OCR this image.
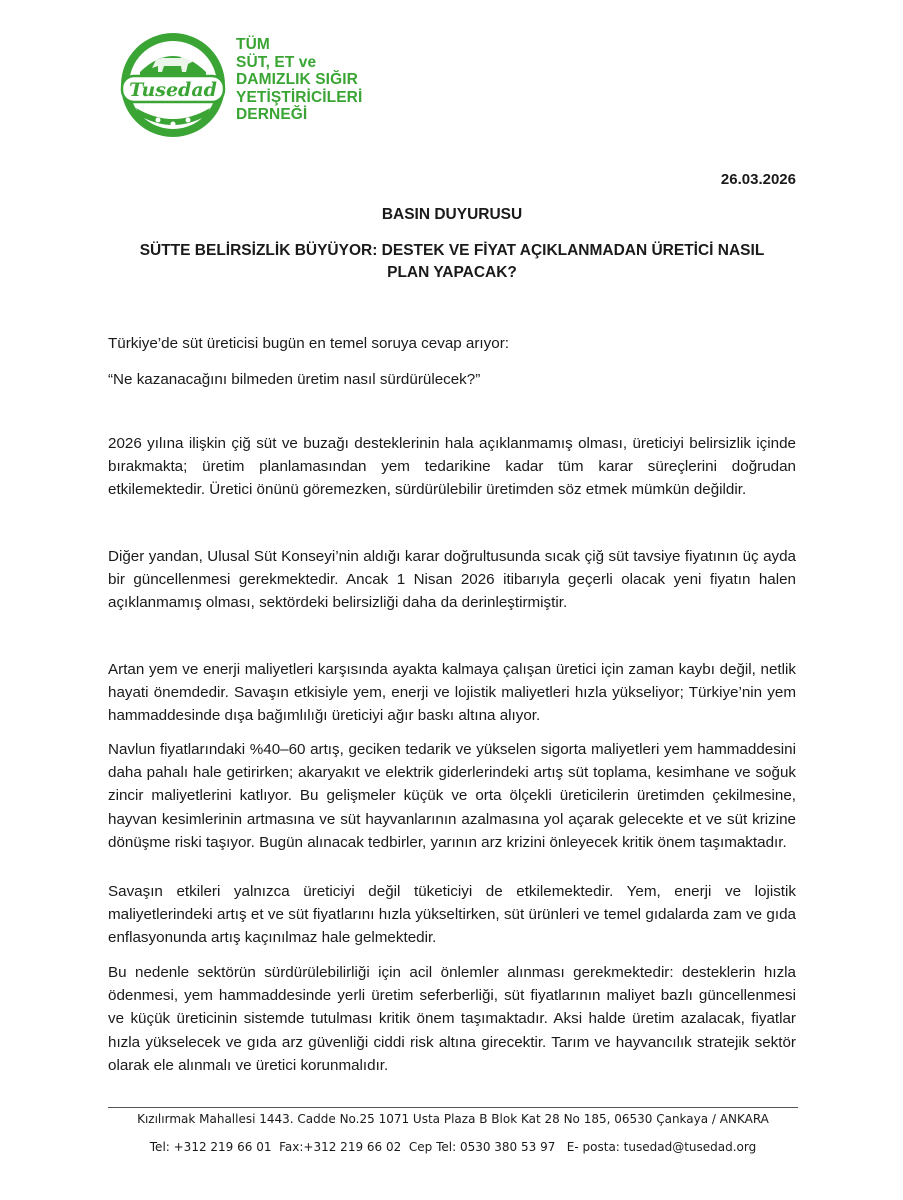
Tusedad
TÜM
SÜT, ET ve
DAMIZLIK SIĞIR
YETİŞTİRİCİLERİ
DERNEĞİ
26.03.2026
BASIN DUYURUSU
SÜTTE BELİRSİZLİK BÜYÜYOR: DESTEK VE FİYAT AÇIKLANMADAN ÜRETİCİ NASIL
PLAN YAPACAK?

Türkiye’de süt üreticisi bugün en temel soruya cevap arıyor:

“Ne kazanacağını bilmeden üretim nasıl sürdürülecek?”

2026 yılına ilişkin çiğ süt ve buzağı desteklerinin hala açıklanmamış olması, üreticiyi belirsizlik içinde bırakmakta; üretim planlamasından yem tedarikine kadar tüm karar süreçlerini doğrudan etkilemektedir. Üretici önünü göremezken, sürdürülebilir üretimden söz etmek mümkün değildir.

Diğer yandan, Ulusal Süt Konseyi’nin aldığı karar doğrultusunda sıcak çiğ süt tavsiye fiyatının üç ayda bir güncellenmesi gerekmektedir. Ancak 1 Nisan 2026 itibarıyla geçerli olacak yeni fiyatın halen açıklanmamış olması, sektördeki belirsizliği daha da derinleştirmiştir.

Artan yem ve enerji maliyetleri karşısında ayakta kalmaya çalışan üretici için zaman kaybı değil, netlik hayati önemdedir. Savaşın etkisiyle yem, enerji ve lojistik maliyetleri hızla yükseliyor; Türkiye’nin yem hammaddesinde dışa bağımlılığı üreticiyi ağır baskı altına alıyor.

Navlun fiyatlarındaki %40–60 artış, geciken tedarik ve yükselen sigorta maliyetleri yem hammaddesini daha pahalı hale getirirken; akaryakıt ve elektrik giderlerindeki artış süt toplama, kesimhane ve soğuk zincir maliyetlerini katlıyor. Bu gelişmeler küçük ve orta ölçekli üreticilerin üretimden çekilmesine, hayvan kesimlerinin artmasına ve süt hayvanlarının azalmasına yol açarak gelecekte et ve süt krizine dönüşme riski taşıyor. Bugün alınacak tedbirler, yarının arz krizini önleyecek kritik önem taşımaktadır.

Savaşın etkileri yalnızca üreticiyi değil tüketiciyi de etkilemektedir. Yem, enerji ve lojistik maliyetlerindeki artış et ve süt fiyatlarını hızla yükseltirken, süt ürünleri ve temel gıdalarda zam ve gıda enflasyonunda artış kaçınılmaz hale gelmektedir.

Bu nedenle sektörün sürdürülebilirliği için acil önlemler alınması gerekmektedir: desteklerin hızla ödenmesi, yem hammaddesinde yerli üretim seferberliği, süt fiyatlarının maliyet bazlı güncellenmesi ve küçük üreticinin sistemde tutulması kritik önem taşımaktadır. Aksi halde üretim azalacak, fiyatlar hızla yükselecek ve gıda arz güvenliği ciddi risk altına girecektir. Tarım ve hayvancılık stratejik sektör olarak ele alınmalı ve üretici korunmalıdır.

Kızılırmak Mahallesi 1443. Cadde No.25 1071 Usta Plaza B Blok Kat 28 No 185, 06530 Çankaya / ANKARA
Tel: +312 219 66 01  Fax:+312 219 66 02  Cep Tel: 0530 380 53 97   E- posta: tusedad@tusedad.org
